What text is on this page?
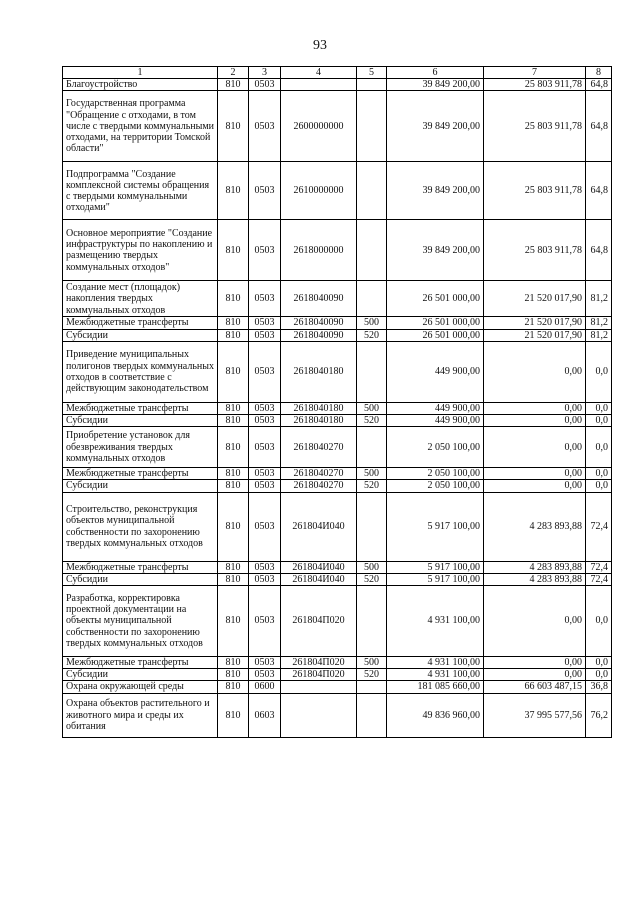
93
1	2	3	4	5	6	7	8
Благоустройство	810	0503			39 849 200,00	25 803 911,78	64,8
Государственная программа "Обращение с отходами, в том числе с твердыми коммунальными отходами, на территории Томской области"	810	0503	2600000000		39 849 200,00	25 803 911,78	64,8
Подпрограмма "Создание комплексной системы обращения с твердыми коммунальными отходами"	810	0503	2610000000		39 849 200,00	25 803 911,78	64,8
Основное мероприятие "Создание инфраструктуры по накоплению и размещению твердых коммунальных отходов"	810	0503	2618000000		39 849 200,00	25 803 911,78	64,8
Создание мест (площадок) накопления твердых коммунальных отходов	810	0503	2618040090		26 501 000,00	21 520 017,90	81,2
Межбюджетные трансферты	810	0503	2618040090	500	26 501 000,00	21 520 017,90	81,2
Субсидии	810	0503	2618040090	520	26 501 000,00	21 520 017,90	81,2
Приведение муниципальных полигонов твердых коммунальных отходов в соответствие с действующим законодательством	810	0503	2618040180		449 900,00	0,00	0,0
Межбюджетные трансферты	810	0503	2618040180	500	449 900,00	0,00	0,0
Субсидии	810	0503	2618040180	520	449 900,00	0,00	0,0
Приобретение установок для обезвреживания твердых коммунальных отходов	810	0503	2618040270		2 050 100,00	0,00	0,0
Межбюджетные трансферты	810	0503	2618040270	500	2 050 100,00	0,00	0,0
Субсидии	810	0503	2618040270	520	2 050 100,00	0,00	0,0
Строительство, реконструкция объектов муниципальной собственности по захоронению твердых коммунальных отходов	810	0503	261804И040		5 917 100,00	4 283 893,88	72,4
Межбюджетные трансферты	810	0503	261804И040	500	5 917 100,00	4 283 893,88	72,4
Субсидии	810	0503	261804И040	520	5 917 100,00	4 283 893,88	72,4
Разработка, корректировка проектной документации на объекты муниципальной собственности по захоронению твердых коммунальных отходов	810	0503	261804П020		4 931 100,00	0,00	0,0
Межбюджетные трансферты	810	0503	261804П020	500	4 931 100,00	0,00	0,0
Субсидии	810	0503	261804П020	520	4 931 100,00	0,00	0,0
Охрана окружающей среды	810	0600			181 085 660,00	66 603 487,15	36,8
Охрана объектов растительного и животного мира и среды их обитания	810	0603			49 836 960,00	37 995 577,56	76,2
